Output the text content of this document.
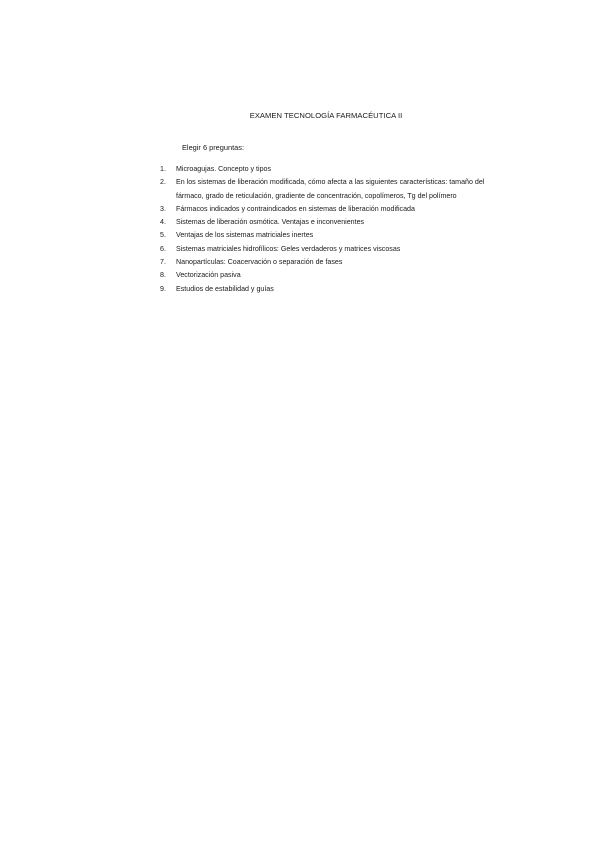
EXAMEN TECNOLOGÍA FARMACÉUTICA II
Elegir 6 preguntas:
1.	Microagujas. Concepto y tipos
2.	En los sistemas de liberación modificada, cómo afecta a las siguientes características: tamaño del fármaco, grado de reticulación, gradiente de concentración, copolímeros, Tg del polímero
3.	Fármacos indicados y contraindicados en sistemas de liberación modificada
4.	Sistemas de liberación osmótica. Ventajas e inconvenientes
5.	Ventajas de los sistemas matriciales inertes
6.	Sistemas matriciales hidrofílicos: Geles verdaderos y matrices viscosas
7.	Nanopartículas: Coacervación o separación de fases
8.	Vectorización pasiva
9.	Estudios de estabilidad y guías
